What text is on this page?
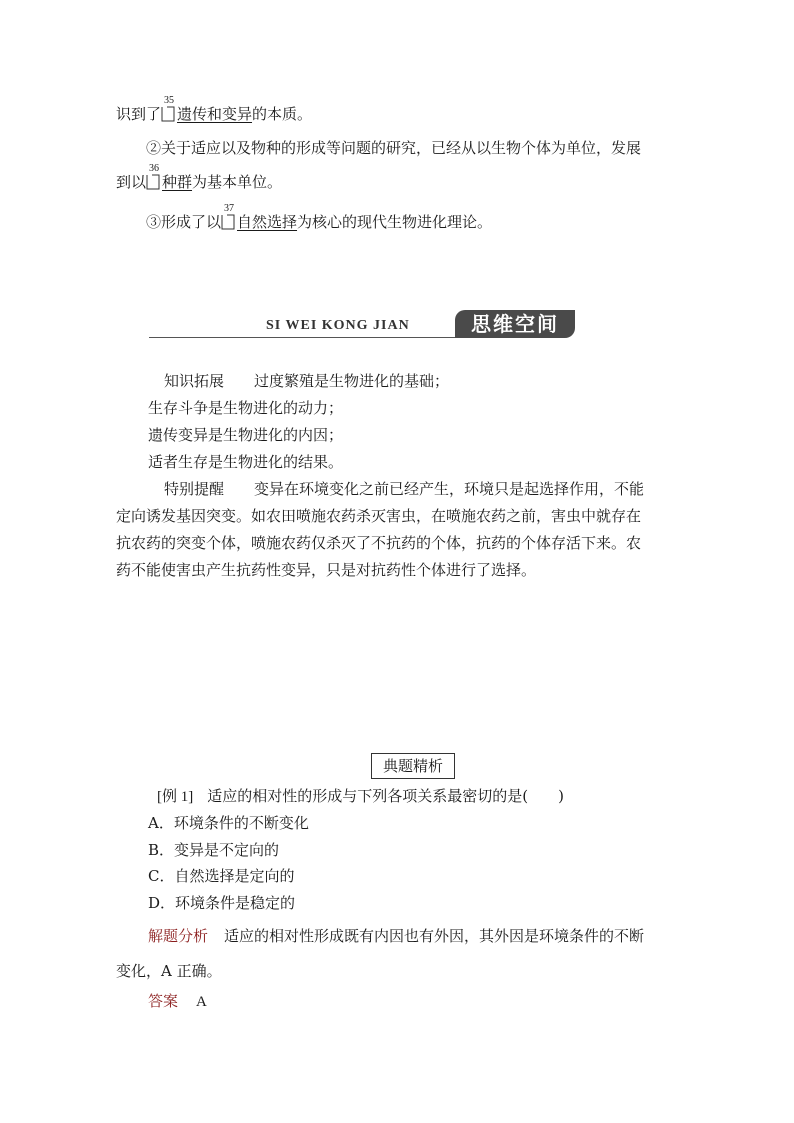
识到了
35
遗传和变异的本质。
②关于适应以及物种的形成等问题的研究，已经从以生物个体为单位，发展
到以
36
种群为基本单位。
③形成了以
37
自然选择为核心的现代生物进化理论。
SI WEI KONG JIAN	思维空间
知识拓展 过度繁殖是生物进化的基础；
生存斗争是生物进化的动力；
遗传变异是生物进化的内因；
适者生存是生物进化的结果。
特别提醒 变异在环境变化之前已经产生，环境只是起选择作用，不能
定向诱发基因突变。如农田喷施农药杀灭害虫，在喷施农药之前，害虫中就存在
抗农药的突变个体，喷施农药仅杀灭了不抗药的个体，抗药的个体存活下来。农
药不能使害虫产生抗药性变异，只是对抗药性个体进行了选择。
典题精析
[例 1] 适应的相对性的形成与下列各项关系最密切的是(　　)
A．环境条件的不断变化
B．变异是不定向的
C．自然选择是定向的
D．环境条件是稳定的
解题分析 适应的相对性形成既有内因也有外因，其外因是环境条件的不断
变化，A 正确。
答案 A
